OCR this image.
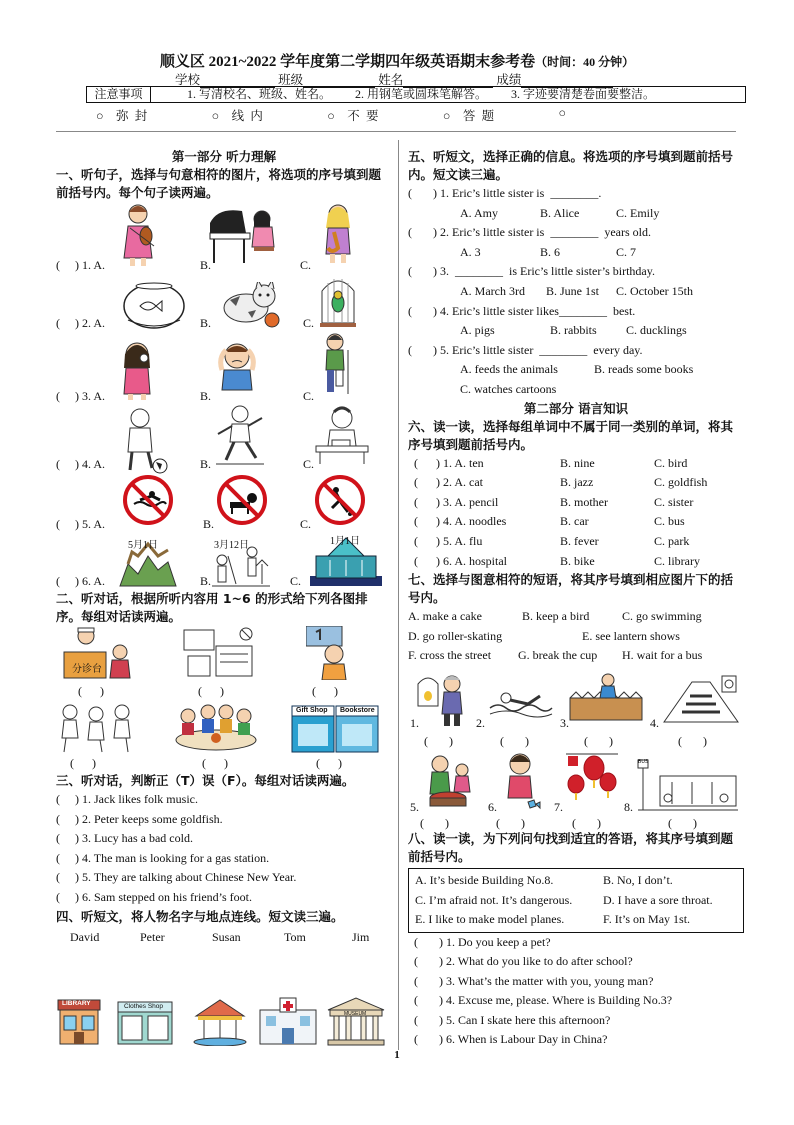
顺义区 2021~2022 学年度第二学期四年级英语期末参考卷（时间：40 分钟）
学校	班级	姓名	成绩
注意事项	1. 写清校名、班级、姓名。        2. 用钢笔或圆珠笔解答。        3. 字迹要清楚卷面要整洁。
○    弥  封	○    线  内	○    不  要	○    答  题	○
第一部分 听力理解
一、听句子，选择与句意相符的图片，将选项的序号填到题前括号内。每个句子读两遍。
(     ) 1. A.	B.	C.
(     ) 2. A.	B.	C.
(     ) 3. A.	B.	C.
(     ) 4. A.	B.	C.
(     ) 5. A.	B.	C.
(     ) 6. A.	B.	C.
5月1日	3月12日	1月1日
二、听对话，根据所听内容用 1~6 的形式给下列各图排序。每组对话读两遍。
分诊台
(      )	(      )	(      )
Gift Shop Bookstore
(      )	(      )	(      )
三、听对话，判断正（T）误（F）。每组对话读两遍。
(     ) 1. Jack likes folk music.
(     ) 2. Peter keeps some goldfish.
(     ) 3. Lucy has a bad cold.
(     ) 4. The man is looking for a gas station.
(     ) 5. They are talking about Chinese New Year.
(     ) 6. Sam stepped on his friend’s foot.
四、听短文，将人物名字与地点连线。短文读三遍。
David	Peter	Susan	Tom	Jim
LIBRARY	Clothes Shop
MUSEUM
五、听短文，选择正确的信息。将选项的序号填到题前括号内。短文读三遍。
(       ) 1. Eric’s little sister is  ________.
A. Amy	B. Alice	C. Emily
(       ) 2. Eric’s little sister is  ________  years old.
A. 3	B. 6	C. 7
(       ) 3.  ________  is Eric’s little sister’s birthday.
A. March 3rd	B. June 1st	C. October 15th
(       ) 4. Eric’s little sister likes________  best.
A. pigs	B. rabbits	C. ducklings
(       ) 5. Eric’s little sister  ________  every day.
A. feeds the animals	B. reads some books
C. watches cartoons
第二部分 语言知识
六、读一读，选择每组单词中不属于同一类别的单词，将其序号填到题前括号内。
(      ) 1. A. ten	B. nine	C. bird
(      ) 2. A. cat	B. jazz	C. goldfish
(      ) 3. A. pencil	B. mother	C. sister
(      ) 4. A. noodles	B. car	C. bus
(      ) 5. A. flu	B. fever	C. park
(      ) 6. A. hospital	B. bike	C. library
七、选择与图意相符的短语，将其序号填到相应图片下的括号内。
A. make a cake	B. keep a bird	C. go swimming
D. go roller-skating	E. see lantern shows
F. cross the street	G. break the cup	H. wait for a bus
1.	2.	3.	4.
(       )	(       )	(       )	(       )
5.	6.	7.	8.
BUS
(       )	(       )	(       )	(       )
八、读一读，为下列问句找到适宜的答语，将其序号填到题前括号内。
A. It’s beside Building No.8.	B. No, I don’t.
C. I’m afraid not. It’s dangerous.	D. I have a sore throat.
E. I like to make model planes.	F. It’s on May 1st.
(       ) 1. Do you keep a pet?
(       ) 2. What do you like to do after school?
(       ) 3. What’s the matter with you, young man?
(       ) 4. Excuse me, please. Where is Building No.3?
(       ) 5. Can I skate here this afternoon?
(       ) 6. When is Labour Day in China?
1
